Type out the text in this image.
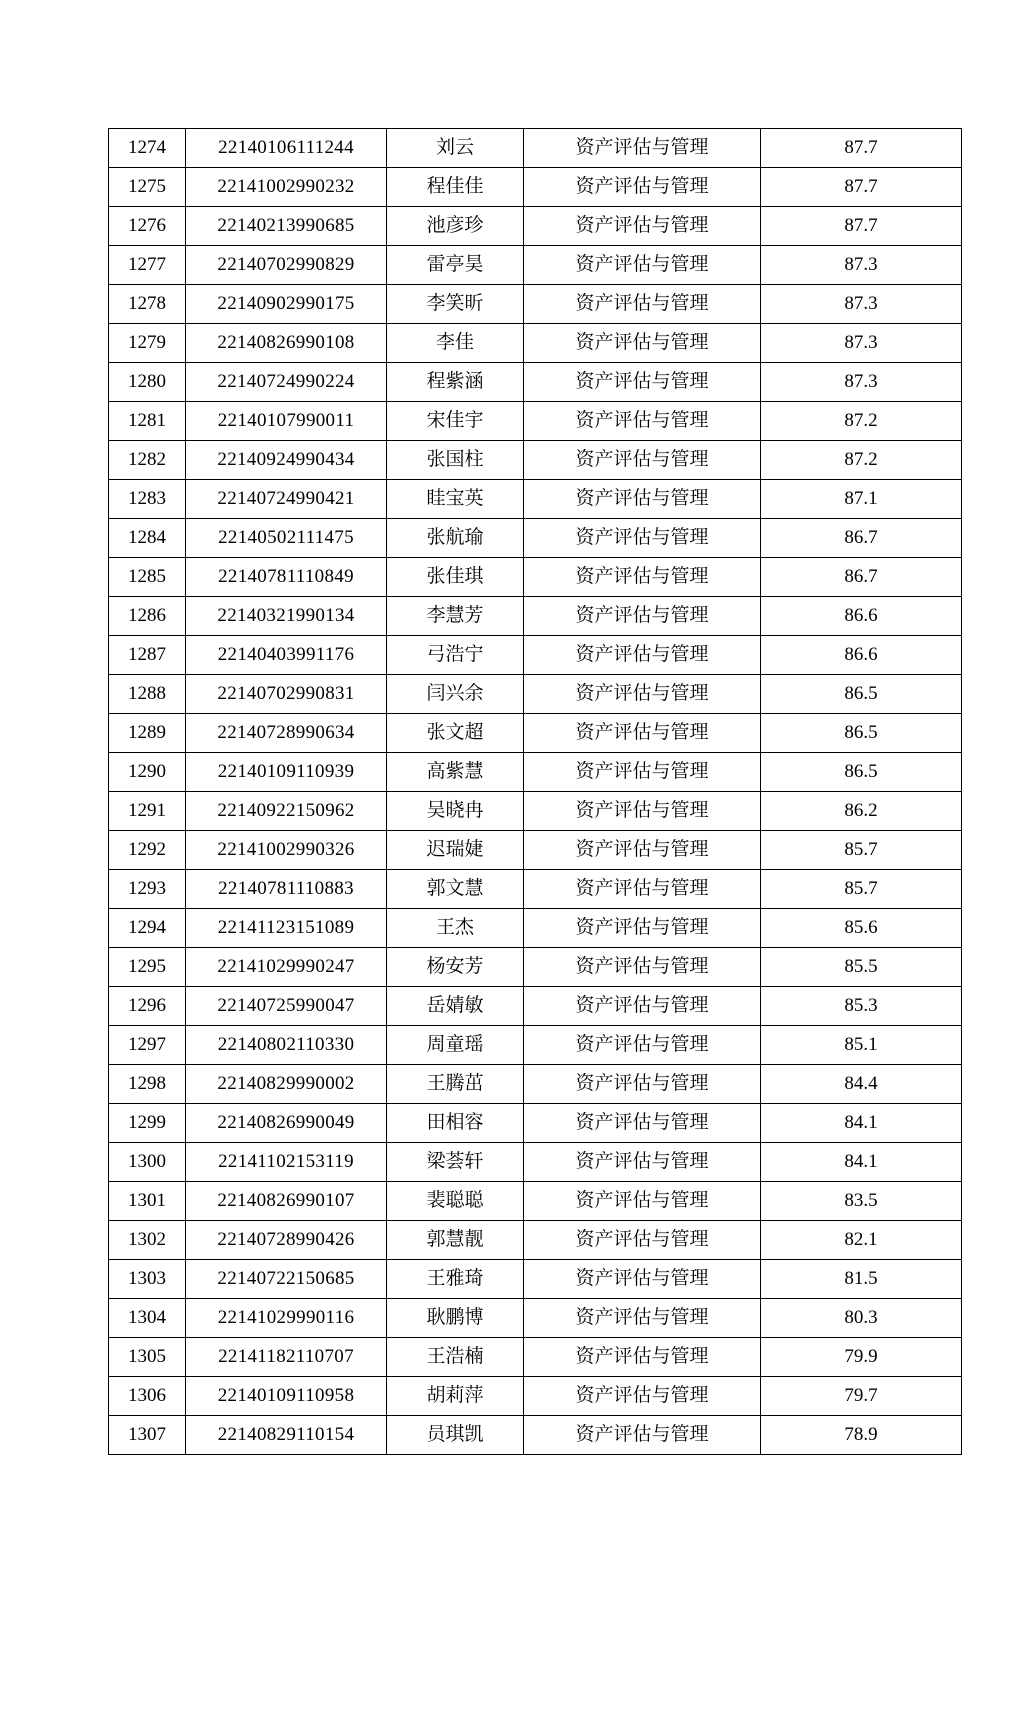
1274	22140106111244	刘云	资产评估与管理	87.7
1275	22141002990232	程佳佳	资产评估与管理	87.7
1276	22140213990685	池彦珍	资产评估与管理	87.7
1277	22140702990829	雷亭昊	资产评估与管理	87.3
1278	22140902990175	李笑昕	资产评估与管理	87.3
1279	22140826990108	李佳	资产评估与管理	87.3
1280	22140724990224	程紫涵	资产评估与管理	87.3
1281	22140107990011	宋佳宇	资产评估与管理	87.2
1282	22140924990434	张国柱	资产评估与管理	87.2
1283	22140724990421	眭宝英	资产评估与管理	87.1
1284	22140502111475	张航瑜	资产评估与管理	86.7
1285	22140781110849	张佳琪	资产评估与管理	86.7
1286	22140321990134	李慧芳	资产评估与管理	86.6
1287	22140403991176	弓浩宁	资产评估与管理	86.6
1288	22140702990831	闫兴余	资产评估与管理	86.5
1289	22140728990634	张文超	资产评估与管理	86.5
1290	22140109110939	高紫慧	资产评估与管理	86.5
1291	22140922150962	吴晓冉	资产评估与管理	86.2
1292	22141002990326	迟瑞婕	资产评估与管理	85.7
1293	22140781110883	郭文慧	资产评估与管理	85.7
1294	22141123151089	王杰	资产评估与管理	85.6
1295	22141029990247	杨安芳	资产评估与管理	85.5
1296	22140725990047	岳婧敏	资产评估与管理	85.3
1297	22140802110330	周童瑶	资产评估与管理	85.1
1298	22140829990002	王腾茁	资产评估与管理	84.4
1299	22140826990049	田相容	资产评估与管理	84.1
1300	22141102153119	梁荟轩	资产评估与管理	84.1
1301	22140826990107	裴聪聪	资产评估与管理	83.5
1302	22140728990426	郭慧靓	资产评估与管理	82.1
1303	22140722150685	王雅琦	资产评估与管理	81.5
1304	22141029990116	耿鹏博	资产评估与管理	80.3
1305	22141182110707	王浩楠	资产评估与管理	79.9
1306	22140109110958	胡莉萍	资产评估与管理	79.7
1307	22140829110154	员琪凯	资产评估与管理	78.9
